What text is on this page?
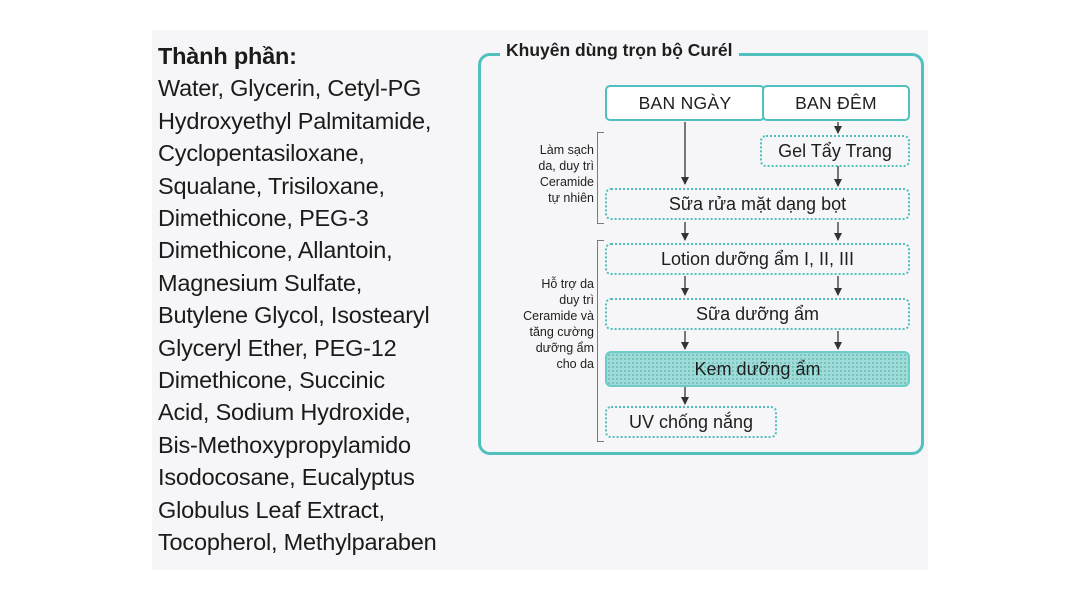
Thành phần:
Water, Glycerin, Cetyl-PG
Hydroxyethyl Palmitamide,
Cyclopentasiloxane,
Squalane, Trisiloxane,
Dimethicone, PEG-3
Dimethicone, Allantoin,
Magnesium Sulfate,
Butylene Glycol, Isostearyl
Glyceryl Ether, PEG-12
Dimethicone, Succinic
Acid, Sodium Hydroxide,
Bis-Methoxypropylamido
Isodocosane, Eucalyptus
Globulus Leaf Extract,
Tocopherol, Methylparaben
Khuyên dùng trọn bộ Curél
BAN NGÀY	BAN ĐÊM
Gel Tẩy Trang
Sữa rửa mặt dạng bọt
Lotion dưỡng ẩm I, II, III
Sữa dưỡng ẩm
Kem dưỡng ẩm
UV chống nắng
Làm sạch
da, duy trì
Ceramide
tự nhiên
Hỗ trợ da
duy trì
Ceramide và
tăng cường
dưỡng ẩm
cho da
